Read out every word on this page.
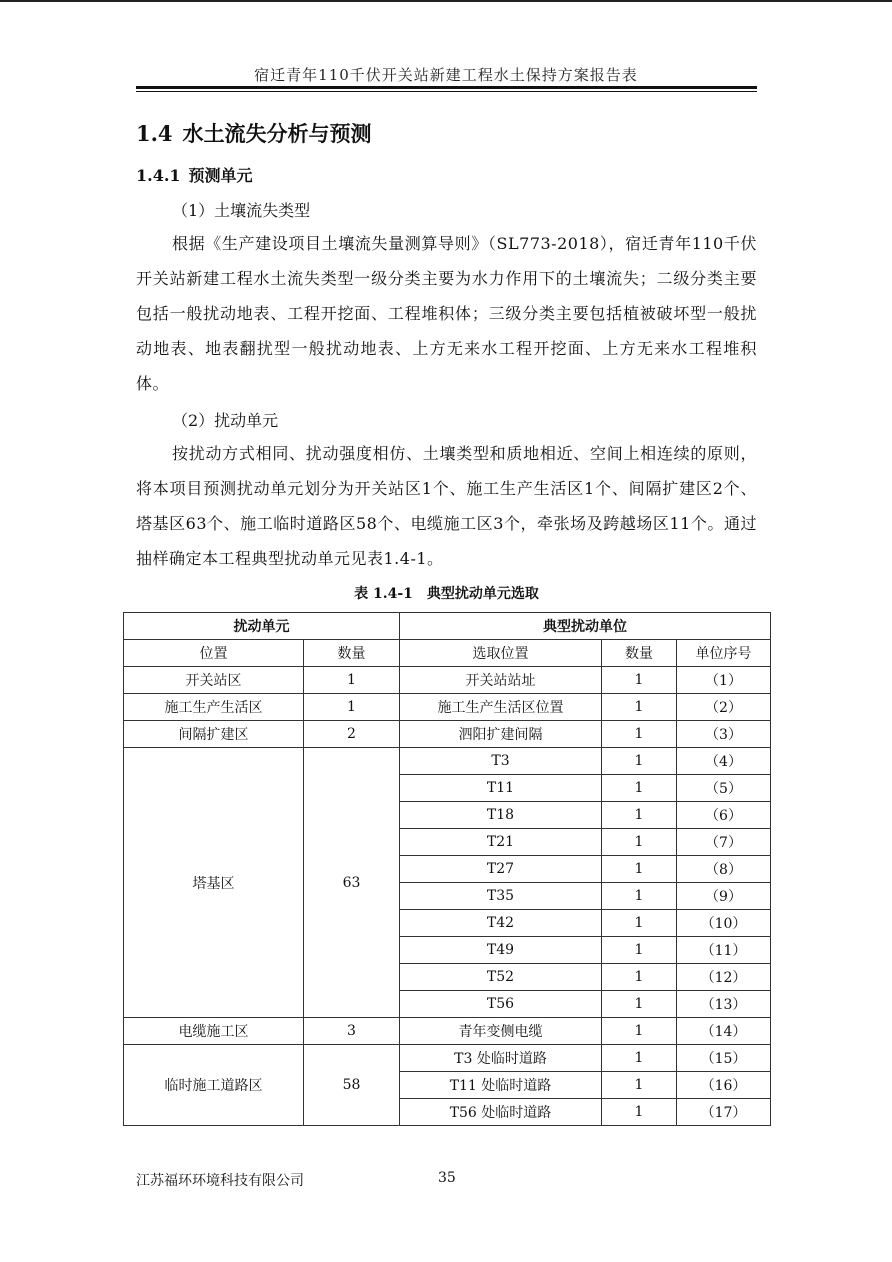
宿迁青年110千伏开关站新建工程水土保持方案报告表
1.4 水土流失分析与预测
1.4.1 预测单元
（1）土壤流失类型
根据《生产建设项目土壤流失量测算导则》（SL773-2018），宿迁青年110千伏开关站新建工程水土流失类型一级分类主要为水力作用下的土壤流失；二级分类主要包括一般扰动地表、工程开挖面、工程堆积体；三级分类主要包括植被破坏型一般扰动地表、地表翻扰型一般扰动地表、上方无来水工程开挖面、上方无来水工程堆积体。
（2）扰动单元
按扰动方式相同、扰动强度相仿、土壤类型和质地相近、空间上相连续的原则，将本项目预测扰动单元划分为开关站区1个、施工生产生活区1个、间隔扩建区2个、塔基区63个、施工临时道路区58个、电缆施工区3个，牵张场及跨越场区11个。通过抽样确定本工程典型扰动单元见表1.4-1。
表 1.4-1　典型扰动单元选取
扰动单元		典型扰动单位		
位置	数量	选取位置	数量	单位序号
开关站区	1	开关站站址	1	（1）
施工生产生活区	1	施工生产生活区位置	1	（2）
间隔扩建区	2	泗阳扩建间隔	1	（3）
塔基区	63	T3	1	（4）
		T11	1	（5）
		T18	1	（6）
		T21	1	（7）
		T27	1	（8）
		T35	1	（9）
		T42	1	（10）
		T49	1	（11）
		T52	1	（12）
		T56	1	（13）
电缆施工区	3	青年变侧电缆	1	（14）
临时施工道路区	58	T3 处临时道路	1	（15）
		T11 处临时道路	1	（16）
		T56 处临时道路	1	（17）
江苏福环环境科技有限公司	35
